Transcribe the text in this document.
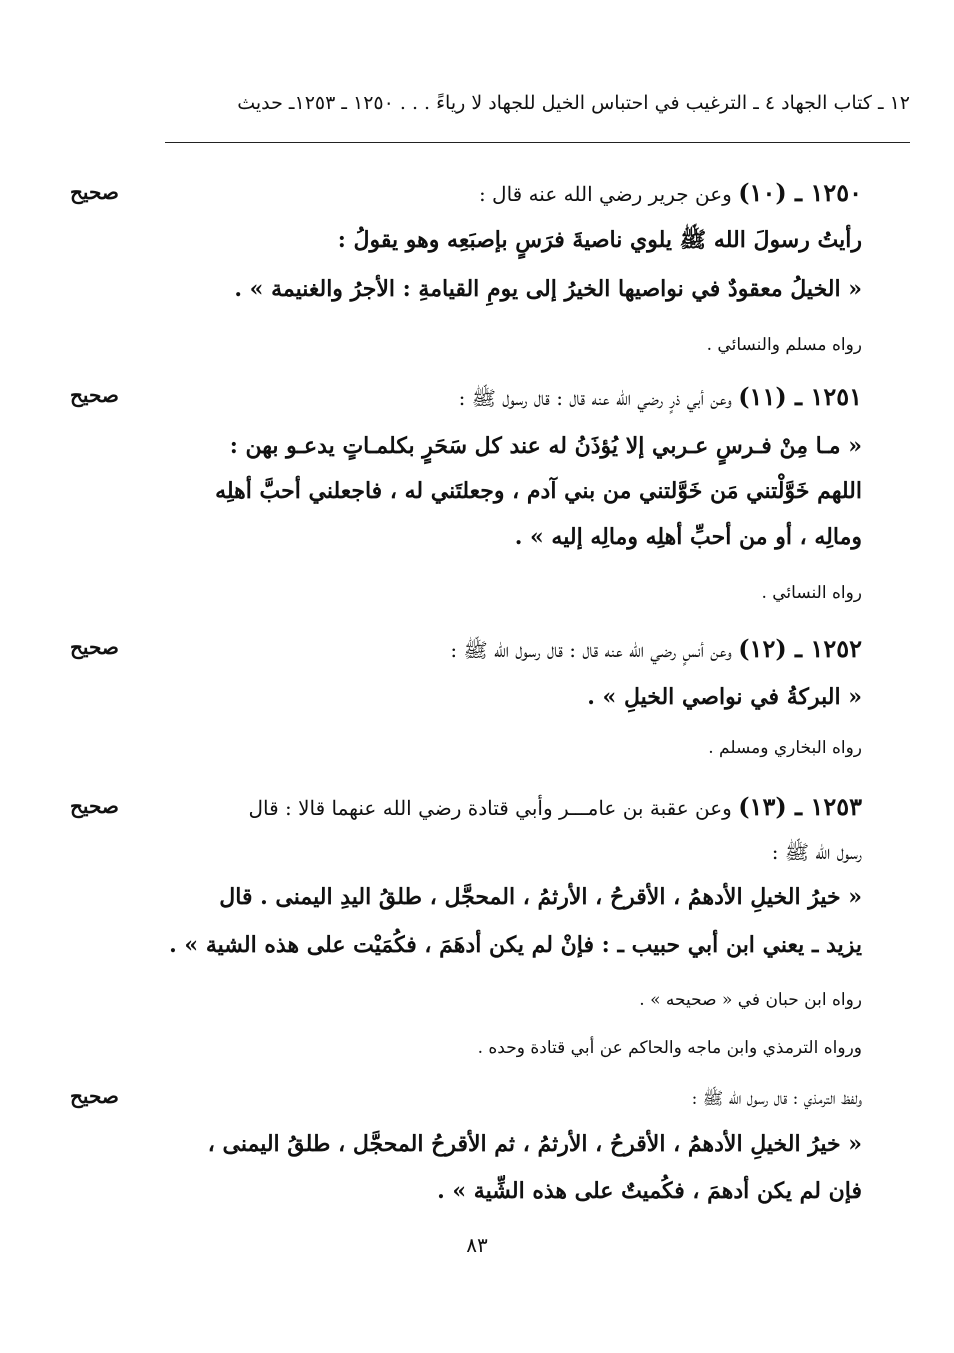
١٢ ـ كتاب الجهاد ٤ ـ الترغيب في احتباس الخيل للجهاد لا رياءً . . . ١٢٥٠ ـ ١٢٥٣ـ حديث
صحيح	١٢٥٠ ـ (١٠) وعن جرير رضي الله عنه قال :
رأيتُ رسولَ الله ﷺ يلوي ناصيةَ فرَسٍ بإصبَعِه وهو يقولُ :
« الخيلُ معقودٌ في نواصيها الخيرُ إلى يومِ القيامةِ : الأجرُ والغنيمة » .
رواه مسلم والنسائي .
صحيح	١٢٥١ ـ (١١) وعن أبي ذرٍ رضي الله عنه قال : قال رسول ﷺ :
« مـا مِنْ فـرسٍ عـربي إلا يُؤذَنُ له عند كل سَحَرٍ بكلمـاتٍ يدعـو بهن :
اللهم خَوَّلْتني مَن خَوَّلتني من بني آدم ، وجعلتَني له ، فاجعلني أحبَّ أهلِه
ومالِه ، أو من أحبِّ أهلِه ومالِه إليه » .
رواه النسائي .
صحيح	١٢٥٢ ـ (١٢) وعن أنسٍ رضي الله عنه قال : قال رسول الله ﷺ :
« البركةُ في نواصي الخيلِ » .
رواه البخاري ومسلم .
صحيح	١٢٥٣ ـ (١٣) وعن عقبة بن عامـــر وأبي قتادة رضي الله عنهما قالا : قال
رسول الله ﷺ :
« خيرُ الخيلِ الأدهمُ ، الأقرحُ ، الأرثمُ ، المحجَّل ، طلقُ اليدِ اليمنى . قال
يزيد ـ يعني ابن أبي حبيب ـ : فإنْ لم يكن أدهَمَ ، فكُمَيْت على هذه الشية » .
رواه ابن حبان في « صحيحه » .
ورواه الترمذي وابن ماجه والحاكم عن أبي قتادة وحده .
صحيح	ولفظ الترمذي : قال رسول الله ﷺ :
« خيرُ الخيلِ الأدهمُ ، الأقرحُ ، الأرثمُ ، ثم الأقرحُ المحجَّل ، طلقُ اليمنى ،
فإن لم يكن أدهمَ ، فكُميتٌ على هذه الشِّية » .
٨٣
